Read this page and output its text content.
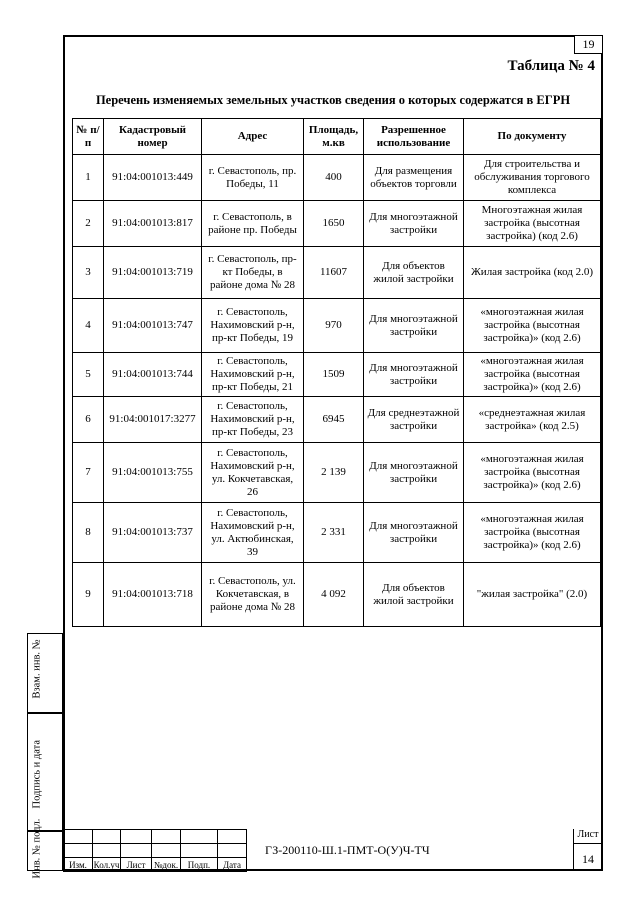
19
Таблица № 4
Перечень изменяемых земельных участков сведения о которых содержатся в ЕГРН
№ п/п	Кадастровый номер	Адрес	Площадь, м.кв	Разрешенное использование	По документу
1	91:04:001013:449	г. Севастополь, пр. Победы, 11	400	Для размещения объектов торговли	Для строительства и обслуживания торгового комплекса
2	91:04:001013:817	г. Севастополь, в районе пр. Победы	1650	Для многоэтажной застройки	Многоэтажная жилая застройка (высотная застройка) (код 2.6)
3	91:04:001013:719	г. Севастополь, пр-кт Победы, в районе дома № 28	11607	Для объектов жилой застройки	Жилая застройка (код 2.0)
4	91:04:001013:747	г. Севастополь, Нахимовский р-н, пр-кт Победы, 19	970	Для многоэтажной застройки	«многоэтажная жилая застройка (высотная застройка)» (код 2.6)
5	91:04:001013:744	г. Севастополь, Нахимовский р-н, пр-кт Победы, 21	1509	Для многоэтажной застройки	«многоэтажная жилая застройка (высотная застройка)» (код 2.6)
6	91:04:001017:3277	г. Севастополь, Нахимовский р-н, пр-кт Победы, 23	6945	Для среднеэтажной застройки	«среднеэтажная жилая застройка» (код 2.5)
7	91:04:001013:755	г. Севастополь, Нахимовский р-н, ул. Кокчетавская, 26	2 139	Для многоэтажной застройки	«многоэтажная жилая застройка (высотная застройка)» (код 2.6)
8	91:04:001013:737	г. Севастополь, Нахимовский р-н, ул. Актюбинская, 39	2 331	Для многоэтажной застройки	«многоэтажная жилая застройка (высотная застройка)» (код 2.6)
9	91:04:001013:718	г. Севастополь, ул. Кокчетавская, в районе дома № 28	4 092	Для объектов жилой застройки	"жилая застройка" (2.0)
Взам. инв. №
Подпись и дата
Инв. № подл.

						Изм.	Кол.уч	Лист	№док.	Подп.	Дата
ГЗ-200110-Ш.1-ПМТ-О(У)Ч-ТЧ
Лист
14
